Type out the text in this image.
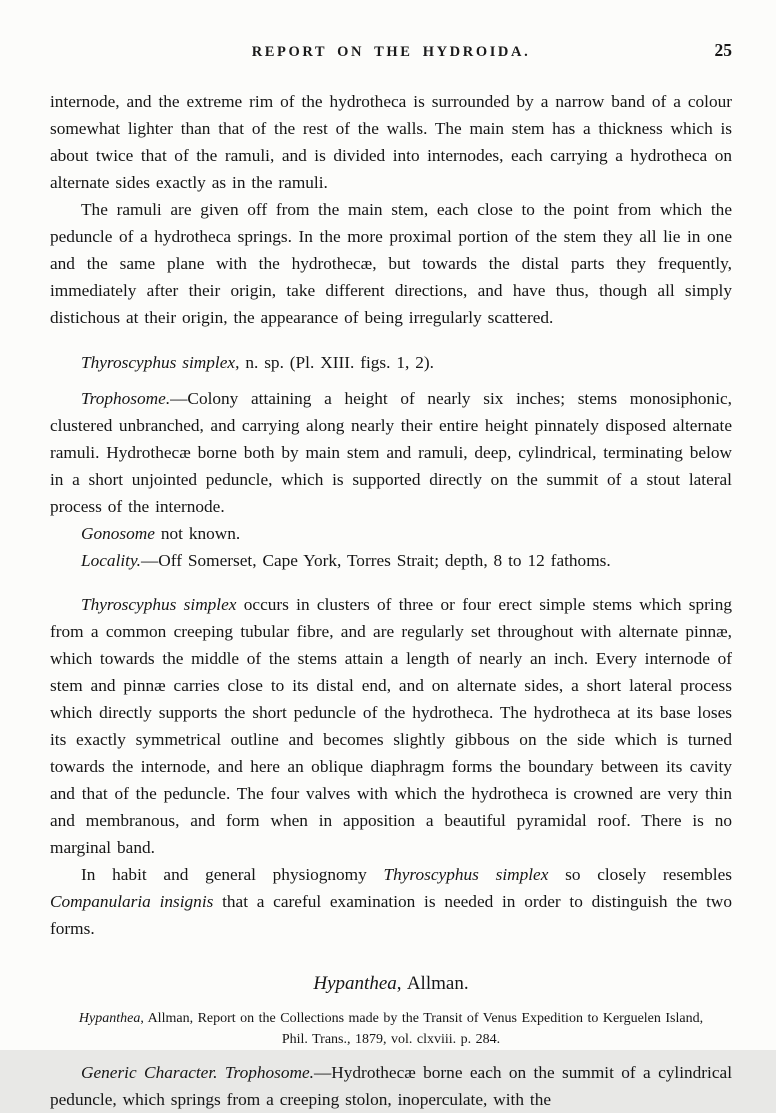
REPORT ON THE HYDROIDA.	25

internode, and the extreme rim of the hydrotheca is surrounded by a narrow band of a colour somewhat lighter than that of the rest of the walls. The main stem has a thickness which is about twice that of the ramuli, and is divided into internodes, each carrying a hydrotheca on alternate sides exactly as in the ramuli.

The ramuli are given off from the main stem, each close to the point from which the peduncle of a hydrotheca springs. In the more proximal portion of the stem they all lie in one and the same plane with the hydrothecæ, but towards the distal parts they frequently, immediately after their origin, take different directions, and have thus, though all simply distichous at their origin, the appearance of being irregularly scattered.

Thyroscyphus simplex, n. sp. (Pl. XIII. figs. 1, 2).

Trophosome.—Colony attaining a height of nearly six inches; stems monosiphonic, clustered unbranched, and carrying along nearly their entire height pinnately disposed alternate ramuli. Hydrothecæ borne both by main stem and ramuli, deep, cylindrical, terminating below in a short unjointed peduncle, which is supported directly on the summit of a stout lateral process of the internode.

Gonosome not known.

Locality.—Off Somerset, Cape York, Torres Strait; depth, 8 to 12 fathoms.

Thyroscyphus simplex occurs in clusters of three or four erect simple stems which spring from a common creeping tubular fibre, and are regularly set throughout with alternate pinnæ, which towards the middle of the stems attain a length of nearly an inch. Every internode of stem and pinnæ carries close to its distal end, and on alternate sides, a short lateral process which directly supports the short peduncle of the hydrotheca. The hydrotheca at its base loses its exactly symmetrical outline and becomes slightly gibbous on the side which is turned towards the internode, and here an oblique diaphragm forms the boundary between its cavity and that of the peduncle. The four valves with which the hydrotheca is crowned are very thin and membranous, and form when in apposition a beautiful pyramidal roof. There is no marginal band.

In habit and general physiognomy Thyroscyphus simplex so closely resembles Companularia insignis that a careful examination is needed in order to distinguish the two forms.

Hypanthea, Allman.

Hypanthea, Allman, Report on the Collections made by the Transit of Venus Expedition to Kerguelen Island, Phil. Trans., 1879, vol. clxviii. p. 284.

Generic Character. Trophosome.—Hydrothecæ borne each on the summit of a cylindrical peduncle, which springs from a creeping stolon, inoperculate, with the
